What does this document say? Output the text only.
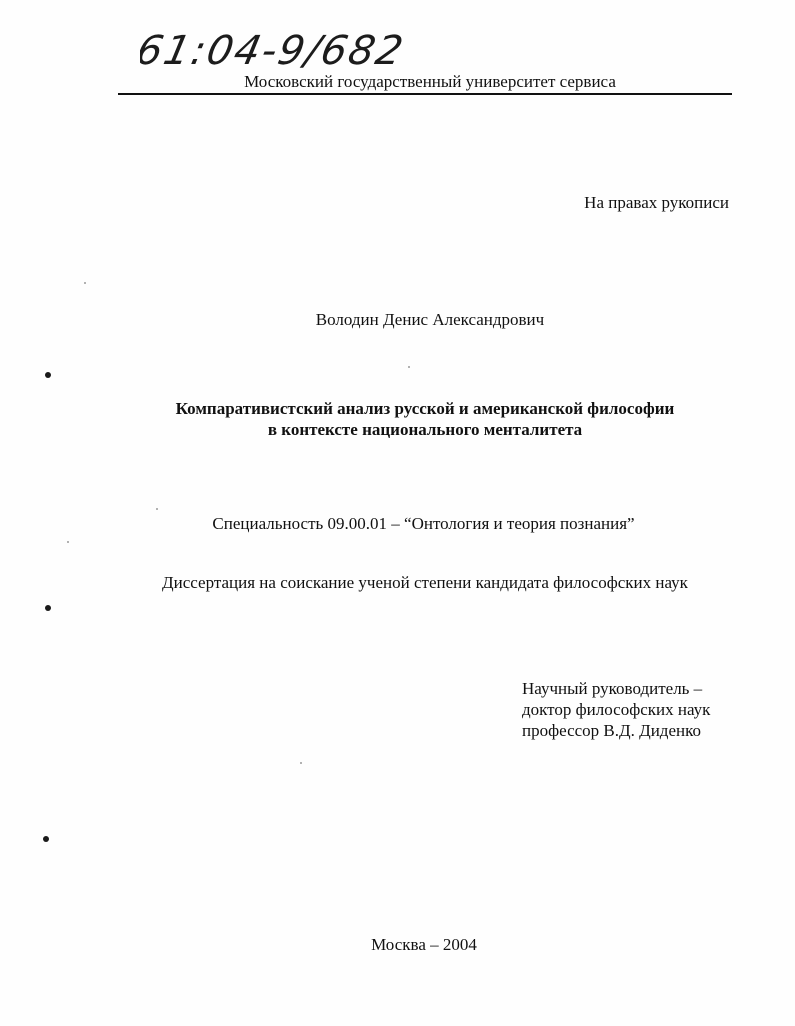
61:04-9/682
Московский государственный университет сервиса
На правах рукописи
Володин Денис Александрович
Компаративистский анализ русской и американской философии
в контексте национального менталитета
Специальность 09.00.01 – “Онтология и теория познания”
Диссертация на соискание ученой степени кандидата философских наук
Научный руководитель –
доктор философских наук
профессор В.Д. Диденко
Москва – 2004
